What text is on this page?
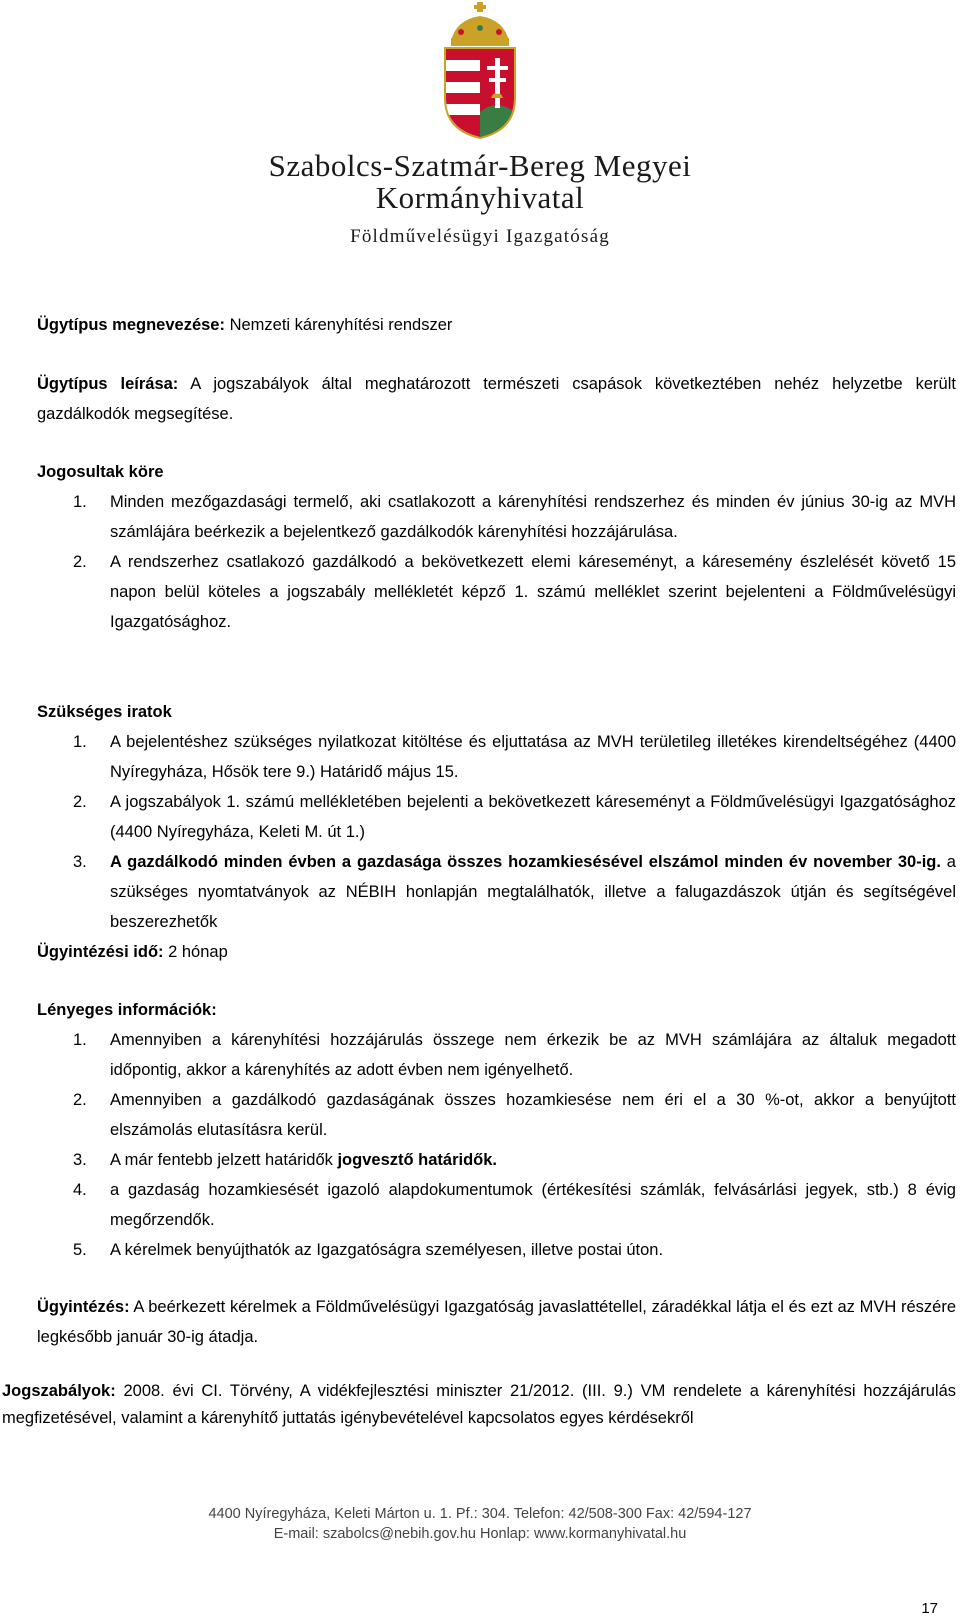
Szabolcs-Szatmár-Bereg Megyei
Kormányhivatal
Földművelésügyi Igazgatóság

Ügytípus megnevezése: Nemzeti kárenyhítési rendszer

Ügytípus leírása: A jogszabályok által meghatározott természeti csapások következtében nehéz helyzetbe került gazdálkodók megsegítése.

Jogosultak köre
1. Minden mezőgazdasági termelő, aki csatlakozott a kárenyhítési rendszerhez és minden év június 30-ig az MVH számlájára beérkezik a bejelentkező gazdálkodók kárenyhítési hozzájárulása.
2. A rendszerhez csatlakozó gazdálkodó a bekövetkezett elemi káreseményt, a káresemény észlelését követő 15 napon belül köteles a jogszabály mellékletét képző 1. számú melléklet szerint bejelenteni a Földművelésügyi Igazgatósághoz.
Szükséges iratok
1. A bejelentéshez szükséges nyilatkozat kitöltése és eljuttatása az MVH területileg illetékes kirendeltségéhez (4400 Nyíregyháza, Hősök tere 9.) Határidő május 15.
2. A jogszabályok 1. számú mellékletében bejelenti a bekövetkezett káreseményt a Földművelésügyi Igazgatósághoz (4400 Nyíregyháza, Keleti M. út 1.)
3. A gazdálkodó minden évben a gazdasága összes hozamkiesésével elszámol minden év november 30-ig. a szükséges nyomtatványok az NÉBIH honlapján megtalálhatók, illetve a falugazdászok útján és segítségével beszerezhetők

Ügyintézési idő: 2 hónap

Lényeges információk:
1. Amennyiben a kárenyhítési hozzájárulás összege nem érkezik be az MVH számlájára az általuk megadott időpontig, akkor a kárenyhítés az adott évben nem igényelhető.
2. Amennyiben a gazdálkodó gazdaságának összes hozamkiesése nem éri el a 30 %-ot, akkor a benyújtott elszámolás elutasításra kerül.
3. A már fentebb jelzett határidők jogvesztő határidők.
4. a gazdaság hozamkiesését igazoló alapdokumentumok (értékesítési számlák, felvásárlási jegyek, stb.) 8 évig megőrzendők.
5. A kérelmek benyújthatók az Igazgatóságra személyesen, illetve postai úton.

Ügyintézés: A beérkezett kérelmek a Földművelésügyi Igazgatóság javaslattétellel, záradékkal látja el és ezt az MVH részére legkésőbb január 30-ig átadja.

Jogszabályok: 2008. évi CI. Törvény, A vidékfejlesztési miniszter 21/2012. (III. 9.) VM rendelete a kárenyhítési hozzájárulás megfizetésével, valamint a kárenyhítő juttatás igénybevételével kapcsolatos egyes kérdésekről
4400 Nyíregyháza, Keleti Márton u. 1. Pf.: 304. Telefon: 42/508-300 Fax: 42/594-127
E-mail: szabolcs@nebih.gov.hu Honlap: www.kormanyhivatal.hu
17
